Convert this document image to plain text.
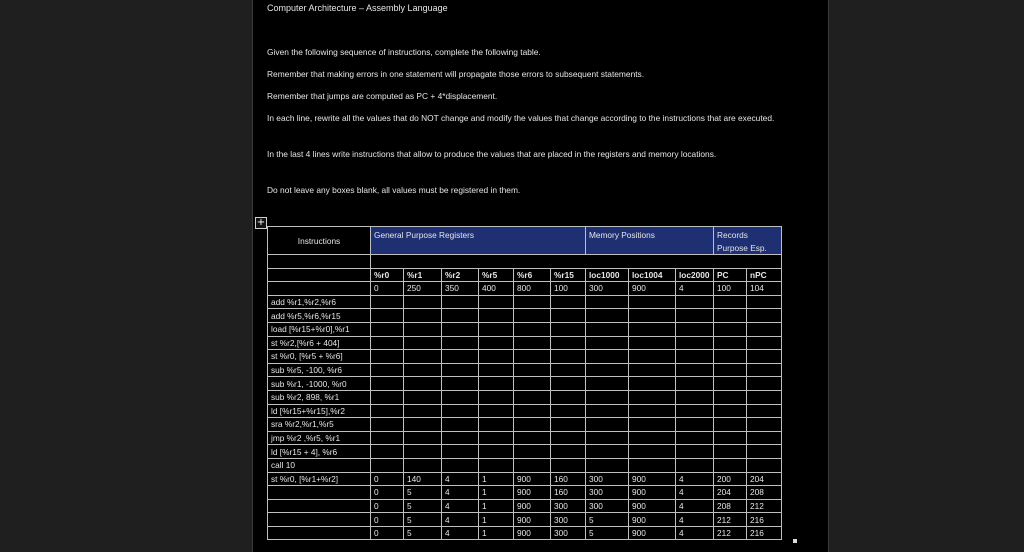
Computer Architecture – Assembly Language
Given the following sequence of instructions, complete the following table.
Remember that making errors in one statement will propagate those errors to subsequent statements.
Remember that jumps are computed as PC + 4*displacement.
In each line, rewrite all the values that do NOT change and modify the values that change according to the instructions that are executed.
In the last 4 lines write instructions that allow to produce the values that are placed in the registers and memory locations.
Do not leave any boxes blank, all values must be registered in them.
+
Instructions	General Purpose Registers						Memory Positions			Records Purpose Esp.	

	%r0	%r1	%r2	%r5	%r6	%r15	loc1000	loc1004	loc2000	PC	nPC
	0	250	350	400	800	100	300	900	4	100	104
add %r1,%r2,%r6											
add %r5,%r6,%r15											
load [%r15+%r0],%r1											
st %r2,[%r6 + 404]											
st %r0, [%r5 + %r6]											
sub %r5, -100, %r6											
sub %r1, -1000, %r0											
sub %r2, 898, %r1											
ld [%r15+%r15],%r2											
sra %r2,%r1,%r5											
jmp %r2 ,%r5, %r1											
ld [%r15 + 4], %r6											
call 10											
st %r0, [%r1+%r2]	0	140	4	1	900	160	300	900	4	200	204
	0	5	4	1	900	160	300	900	4	204	208
	0	5	4	1	900	300	300	900	4	208	212
	0	5	4	1	900	300	5	900	4	212	216
	0	5	4	1	900	300	5	900	4	212	216
